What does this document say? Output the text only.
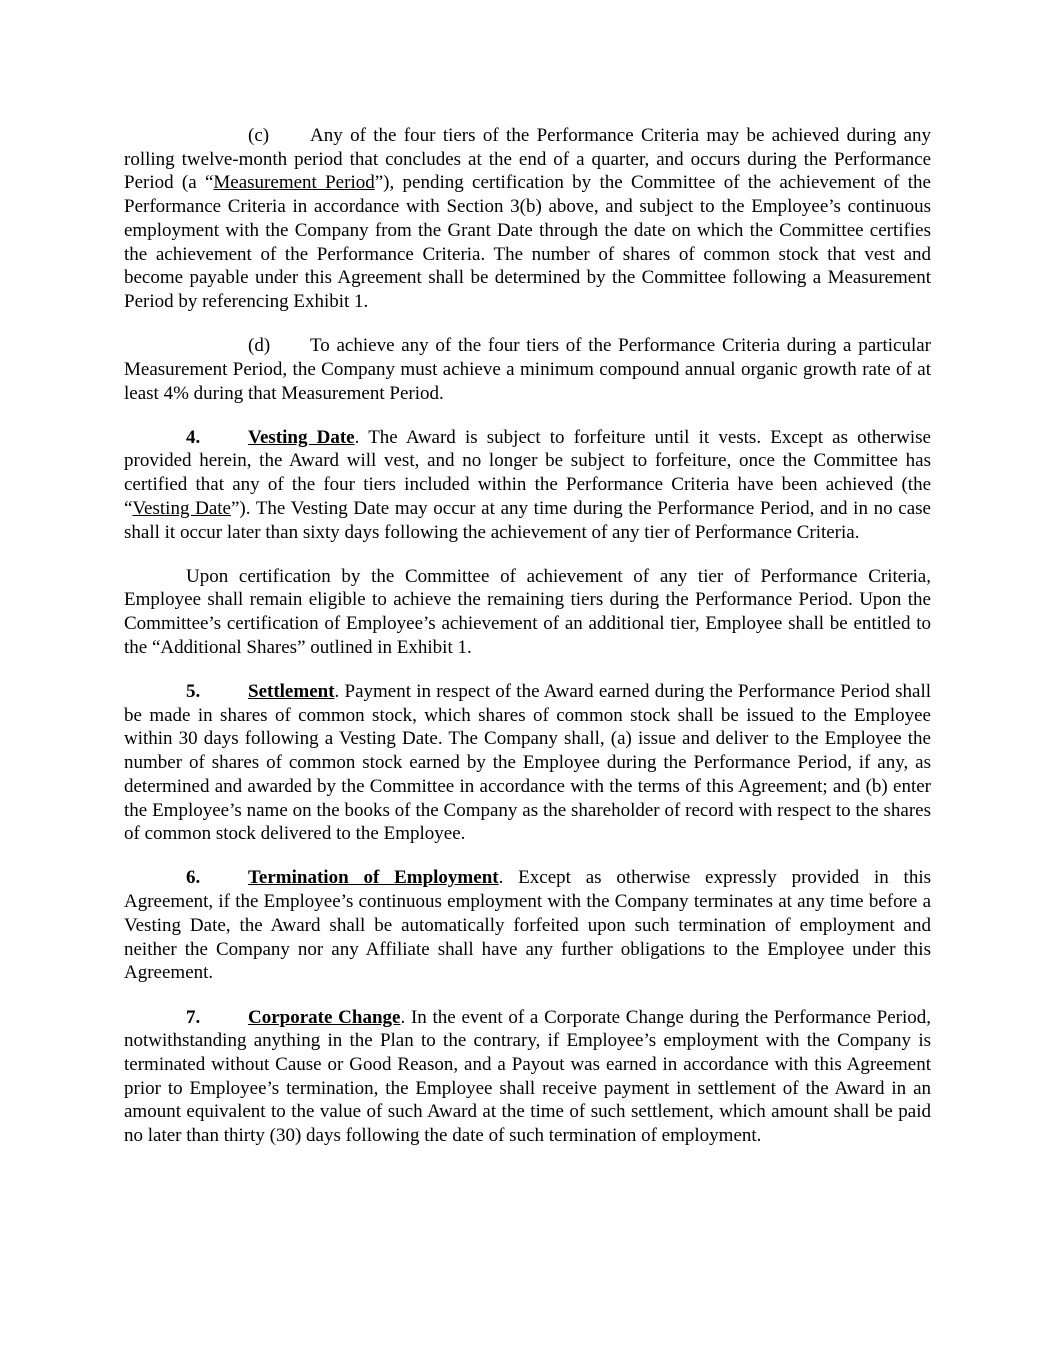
(c) Any of the four tiers of the Performance Criteria may be achieved during any rolling twelve-month period that concludes at the end of a quarter, and occurs during the Performance Period (a “Measurement Period”), pending certification by the Committee of the achievement of the Performance Criteria in accordance with Section 3(b) above, and subject to the Employee’s continuous employment with the Company from the Grant Date through the date on which the Committee certifies the achievement of the Performance Criteria. The number of shares of common stock that vest and become payable under this Agreement shall be determined by the Committee following a Measurement Period by referencing Exhibit 1.

(d) To achieve any of the four tiers of the Performance Criteria during a particular Measurement Period, the Company must achieve a minimum compound annual organic growth rate of at least 4% during that Measurement Period.

4.	Vesting Date. The Award is subject to forfeiture until it vests. Except as otherwise provided herein, the Award will vest, and no longer be subject to forfeiture, once the Committee has certified that any of the four tiers included within the Performance Criteria have been achieved (the “Vesting Date”). The Vesting Date may occur at any time during the Performance Period, and in no case shall it occur later than sixty days following the achievement of any tier of Performance Criteria.

Upon certification by the Committee of achievement of any tier of Performance Criteria, Employee shall remain eligible to achieve the remaining tiers during the Performance Period. Upon the Committee’s certification of Employee’s achievement of an additional tier, Employee shall be entitled to the “Additional Shares” outlined in Exhibit 1.

5.	Settlement. Payment in respect of the Award earned during the Performance Period shall be made in shares of common stock, which shares of common stock shall be issued to the Employee within 30 days following a Vesting Date. The Company shall, (a) issue and deliver to the Employee the number of shares of common stock earned by the Employee during the Performance Period, if any, as determined and awarded by the Committee in accordance with the terms of this Agreement; and (b) enter the Employee’s name on the books of the Company as the shareholder of record with respect to the shares of common stock delivered to the Employee.

6.	Termination of Employment. Except as otherwise expressly provided in this Agreement, if the Employee’s continuous employment with the Company terminates at any time before a Vesting Date, the Award shall be automatically forfeited upon such termination of employment and neither the Company nor any Affiliate shall have any further obligations to the Employee under this Agreement.

7.	Corporate Change. In the event of a Corporate Change during the Performance Period, notwithstanding anything in the Plan to the contrary, if Employee’s employment with the Company is terminated without Cause or Good Reason, and a Payout was earned in accordance with this Agreement prior to Employee’s termination, the Employee shall receive payment in settlement of the Award in an amount equivalent to the value of such Award at the time of such settlement, which amount shall be paid no later than thirty (30) days following the date of such termination of employment.
